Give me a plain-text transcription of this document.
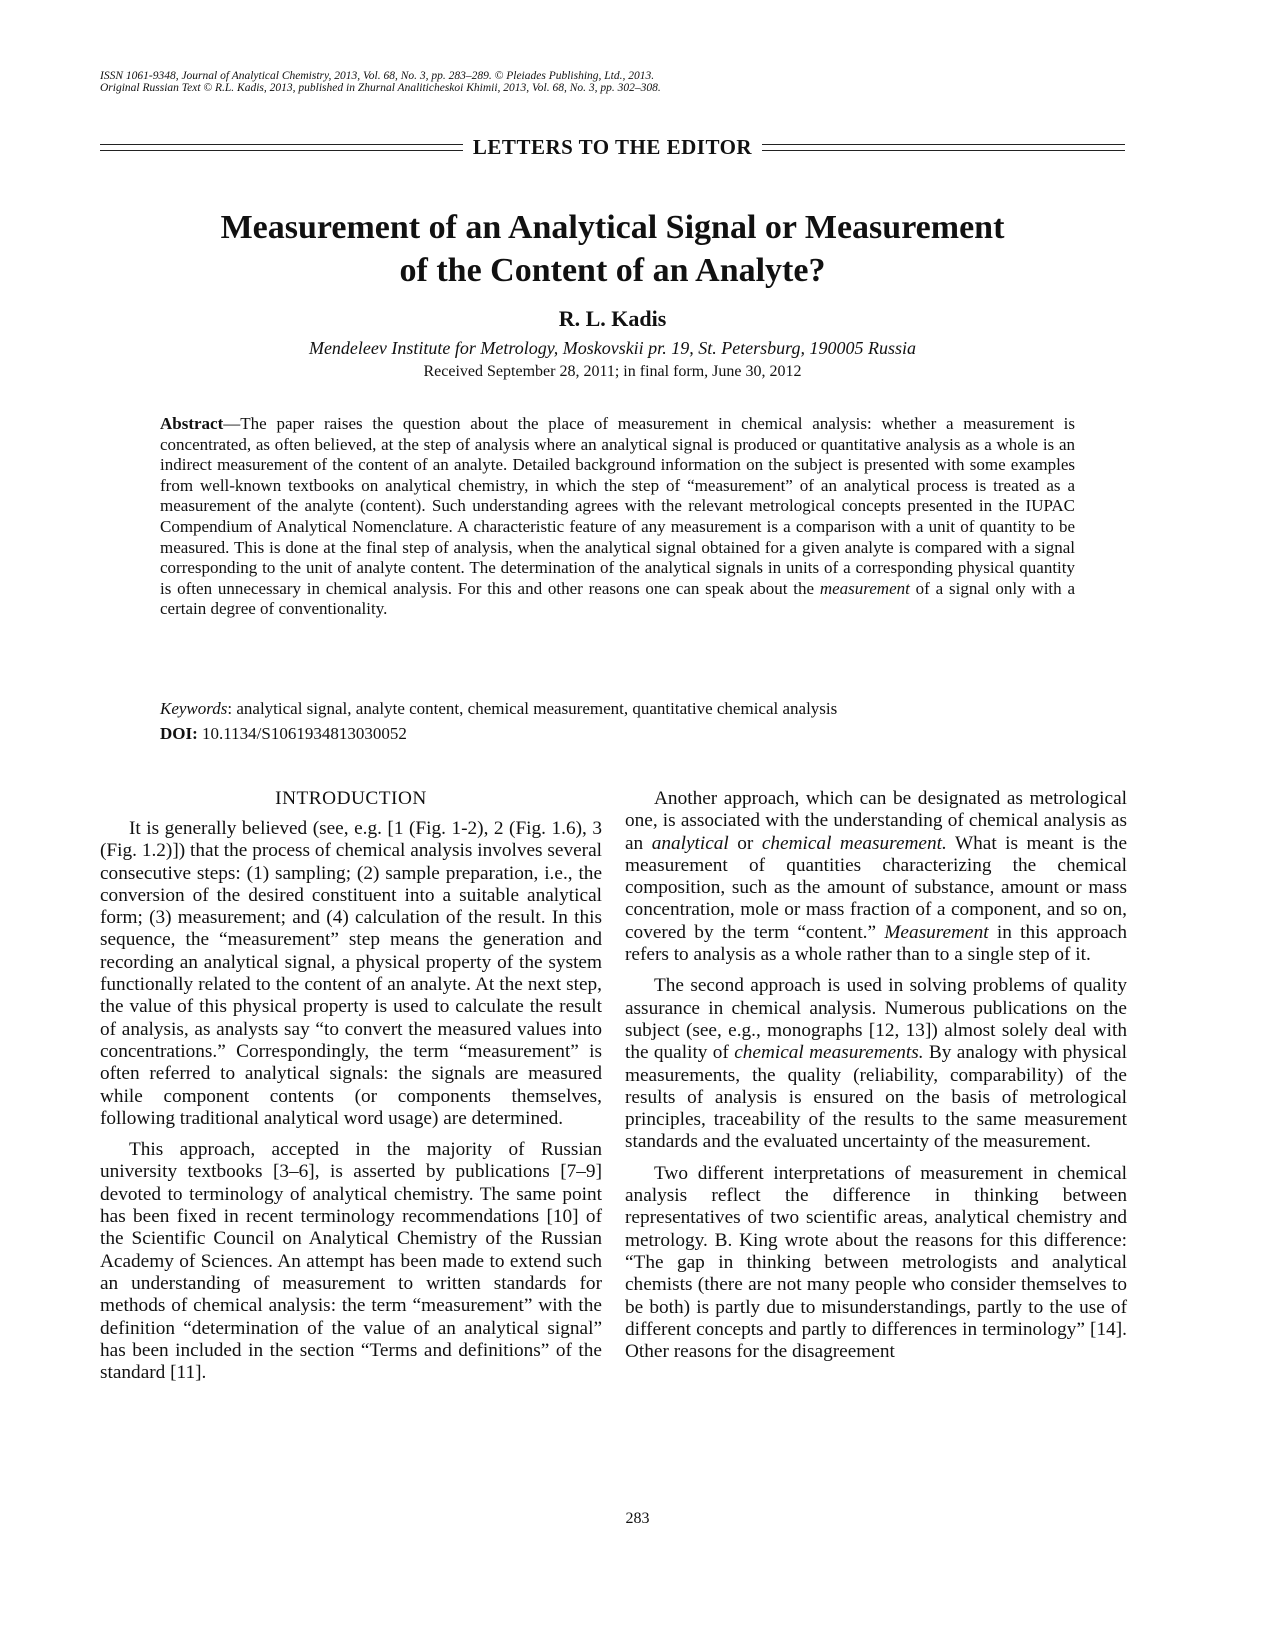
ISSN 1061-9348, Journal of Analytical Chemistry, 2013, Vol. 68, No. 3, pp. 283–289. © Pleiades Publishing, Ltd., 2013.
Original Russian Text © R.L. Kadis, 2013, published in Zhurnal Analiticheskoi Khimii, 2013, Vol. 68, No. 3, pp. 302–308.
LETTERS TO THE EDITOR
Measurement of an Analytical Signal or Measurement
of the Content of an Analyte?
R. L. Kadis
Mendeleev Institute for Metrology, Moskovskii pr. 19, St. Petersburg, 190005 Russia
Received September 28, 2011; in final form, June 30, 2012

Abstract—The paper raises the question about the place of measurement in chemical analysis: whether a measurement is concentrated, as often believed, at the step of analysis where an analytical signal is produced or quantitative analysis as a whole is an indirect measurement of the content of an analyte. Detailed background information on the subject is presented with some examples from well-known textbooks on analytical chemistry, in which the step of “measurement” of an analytical process is treated as a measurement of the analyte (content). Such understanding agrees with the relevant metrological concepts presented in the IUPAC Compendium of Analytical Nomenclature. A characteristic feature of any measurement is a comparison with a unit of quantity to be measured. This is done at the final step of analysis, when the analytical signal obtained for a given analyte is compared with a signal corresponding to the unit of analyte content. The determination of the analytical signals in units of a corresponding physical quantity is often unnecessary in chemical analysis. For this and other reasons one can speak about the measurement of a signal only with a certain degree of conventionality.

Keywords: analytical signal, analyte content, chemical measurement, quantitative chemical analysis
DOI: 10.1134/S1061934813030052
INTRODUCTION

It is generally believed (see, e.g. [1 (Fig. 1-2), 2 (Fig. 1.6), 3 (Fig. 1.2)]) that the process of chemical analysis involves several consecutive steps: (1) sampling; (2) sample preparation, i.e., the conversion of the desired constituent into a suitable analytical form; (3) measurement; and (4) calculation of the result. In this sequence, the “measurement” step means the generation and recording an analytical signal, a physical property of the system functionally related to the content of an analyte. At the next step, the value of this physical property is used to calculate the result of analysis, as analysts say “to convert the measured values into concentrations.” Correspondingly, the term “measurement” is often referred to analytical signals: the signals are measured while component contents (or components themselves, following traditional analytical word usage) are determined.

This approach, accepted in the majority of Russian university textbooks [3–6], is asserted by publications [7–9] devoted to terminology of analytical chemistry. The same point has been fixed in recent terminology recommendations [10] of the Scientific Council on Analytical Chemistry of the Russian Academy of Sciences. An attempt has been made to extend such an understanding of measurement to written standards for methods of chemical analysis: the term “measurement” with the definition “determination of the value of an analytical signal” has been included in the section “Terms and definitions” of the standard [11].

Another approach, which can be designated as metrological one, is associated with the understanding of chemical analysis as an analytical or chemical measurement. What is meant is the measurement of quantities characterizing the chemical composition, such as the amount of substance, amount or mass concentration, mole or mass fraction of a component, and so on, covered by the term “content.” Measurement in this approach refers to analysis as a whole rather than to a single step of it.

The second approach is used in solving problems of quality assurance in chemical analysis. Numerous publications on the subject (see, e.g., monographs [12, 13]) almost solely deal with the quality of chemical measurements. By analogy with physical measurements, the quality (reliability, comparability) of the results of analysis is ensured on the basis of metrological principles, traceability of the results to the same measurement standards and the evaluated uncertainty of the measurement.

Two different interpretations of measurement in chemical analysis reflect the difference in thinking between representatives of two scientific areas, analytical chemistry and metrology. B. King wrote about the reasons for this difference: “The gap in thinking between metrologists and analytical chemists (there are not many people who consider themselves to be both) is partly due to misunderstandings, partly to the use of different concepts and partly to differences in terminology” [14]. Other reasons for the disagreement

283
